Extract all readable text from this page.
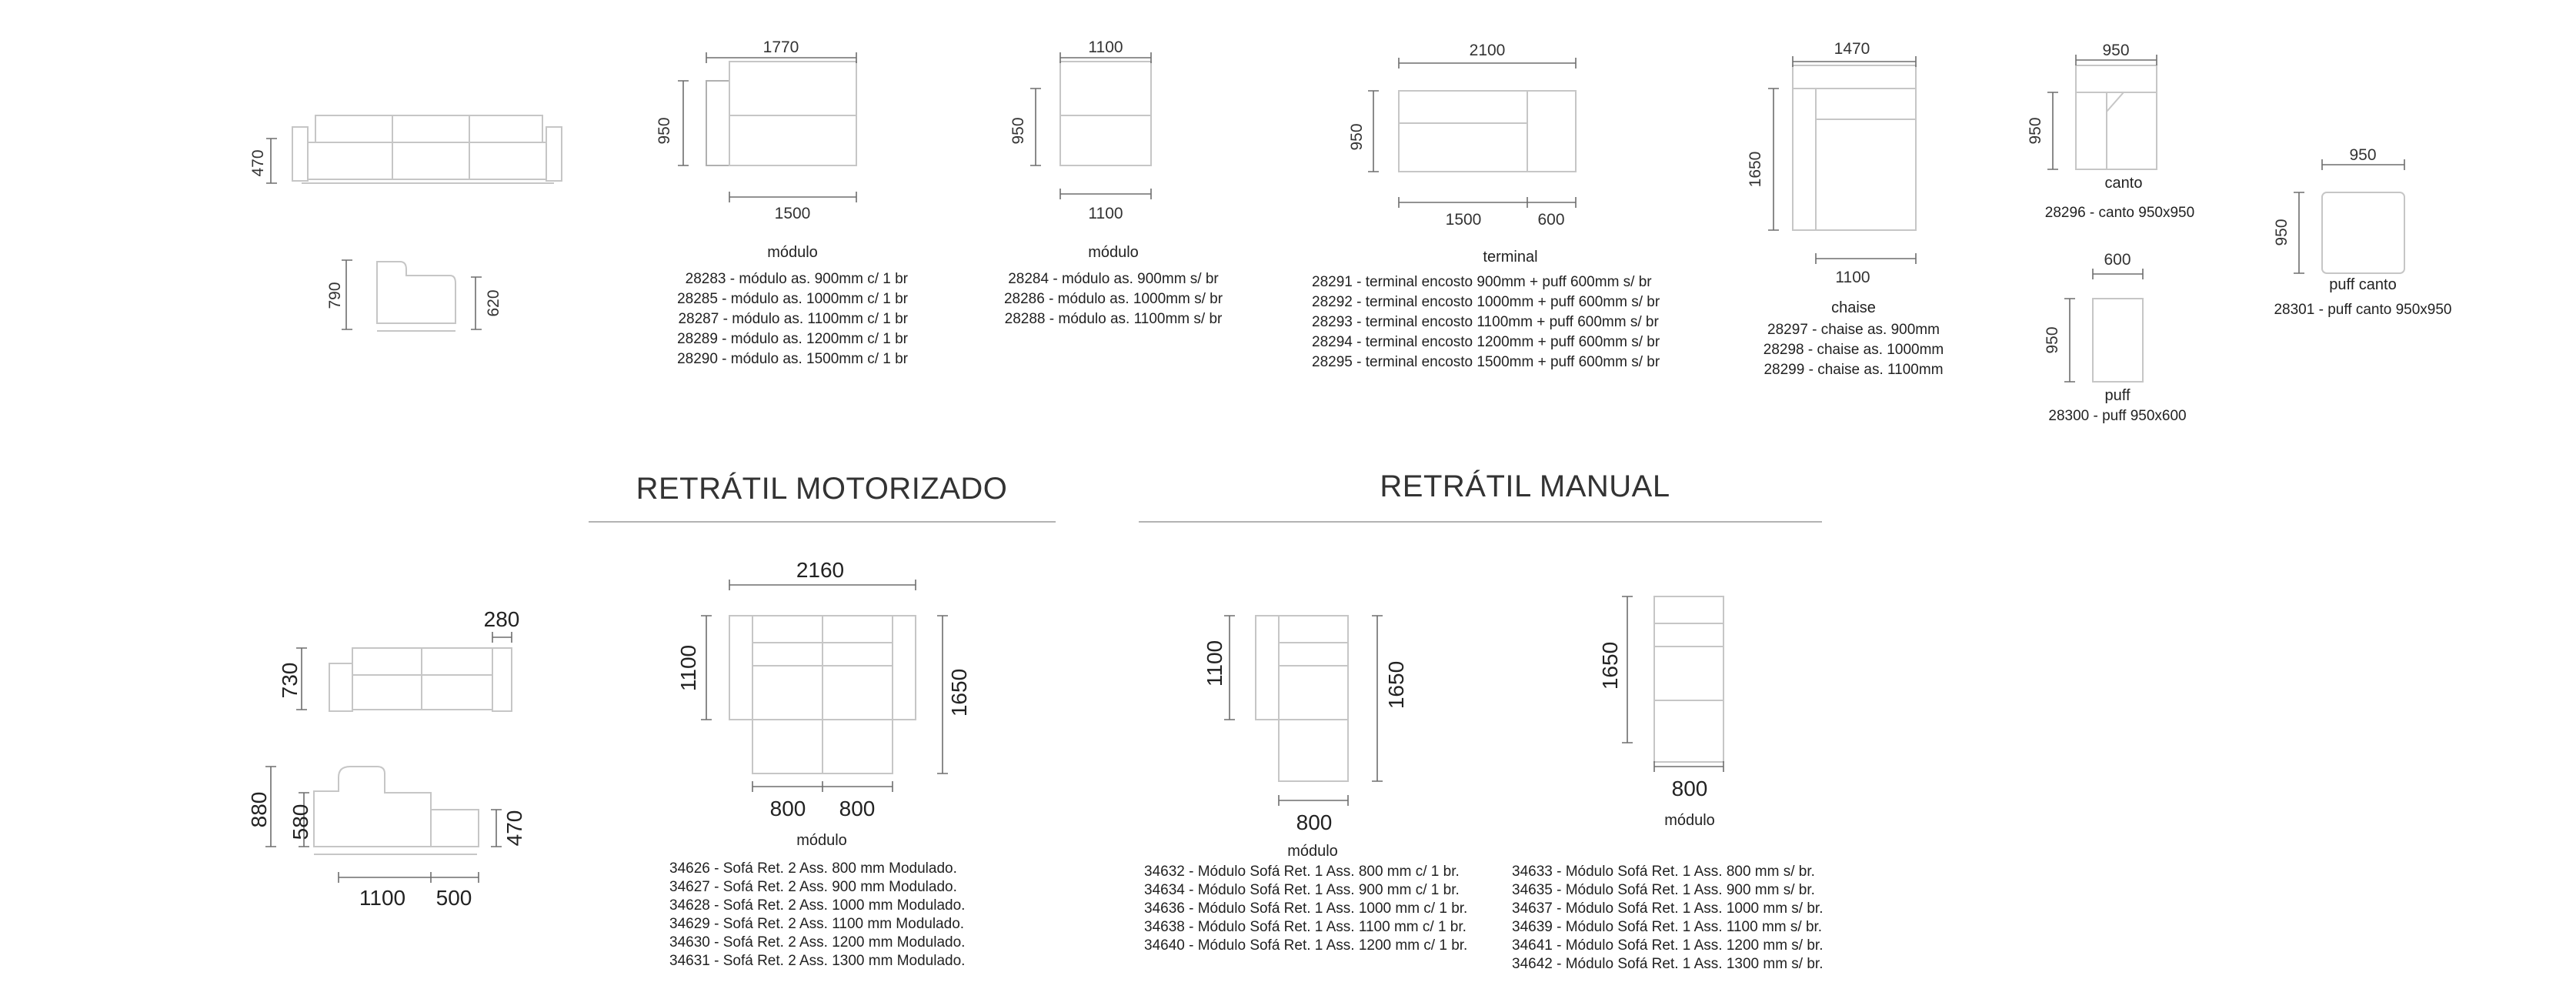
470
790	620
1770
1500
950
módulo
28283 - módulo as. 900mm c/ 1 br
28285 - módulo as. 1000mm c/ 1 br
28287 - módulo as. 1100mm c/ 1 br
28289 - módulo as. 1200mm c/ 1 br
28290 - módulo as. 1500mm c/ 1 br
1100
1100
950
módulo
28284 - módulo as. 900mm s/ br
28286 - módulo as. 1000mm s/ br
28288 - módulo as. 1100mm s/ br
2100
1500	600
950
terminal
28291 - terminal encosto 900mm + puff 600mm s/ br
28292 - terminal encosto 1000mm + puff 600mm s/ br
28293 - terminal encosto 1100mm + puff 600mm s/ br
28294 - terminal encosto 1200mm + puff 600mm s/ br
28295 - terminal encosto 1500mm + puff 600mm s/ br
1470
1100
1650
chaise
28297 - chaise as. 900mm
28298 - chaise as. 1000mm
28299 - chaise as. 1100mm
950
950
canto
28296 - canto 950x950
600
950
puff
28300 - puff 950x600
950
950
puff canto
28301 - puff canto 950x950
RETRÁTIL MOTORIZADO	RETRÁTIL MANUAL
730
280
880 580	470
1100 500
2160
1100
1650
800 800
módulo
34626 - Sofá Ret. 2 Ass. 800 mm Modulado.
34627 - Sofá Ret. 2 Ass. 900 mm Modulado.
34628 - Sofá Ret. 2 Ass. 1000 mm Modulado.
34629 - Sofá Ret. 2 Ass. 1100 mm Modulado.
34630 - Sofá Ret. 2 Ass. 1200 mm Modulado.
34631 - Sofá Ret. 2 Ass. 1300 mm Modulado.
1100	1650
800
módulo
34632 - Módulo Sofá Ret. 1 Ass. 800 mm c/ 1 br.
34634 - Módulo Sofá Ret. 1 Ass. 900 mm c/ 1 br.
34636 - Módulo Sofá Ret. 1 Ass. 1000 mm c/ 1 br.
34638 - Módulo Sofá Ret. 1 Ass. 1100 mm c/ 1 br.
34640 - Módulo Sofá Ret. 1 Ass. 1200 mm c/ 1 br.
1650
800
módulo
34633 - Módulo Sofá Ret. 1 Ass. 800 mm s/ br.
34635 - Módulo Sofá Ret. 1 Ass. 900 mm s/ br.
34637 - Módulo Sofá Ret. 1 Ass. 1000 mm s/ br.
34639 - Módulo Sofá Ret. 1 Ass. 1100 mm s/ br.
34641 - Módulo Sofá Ret. 1 Ass. 1200 mm s/ br.
34642 - Módulo Sofá Ret. 1 Ass. 1300 mm s/ br.
